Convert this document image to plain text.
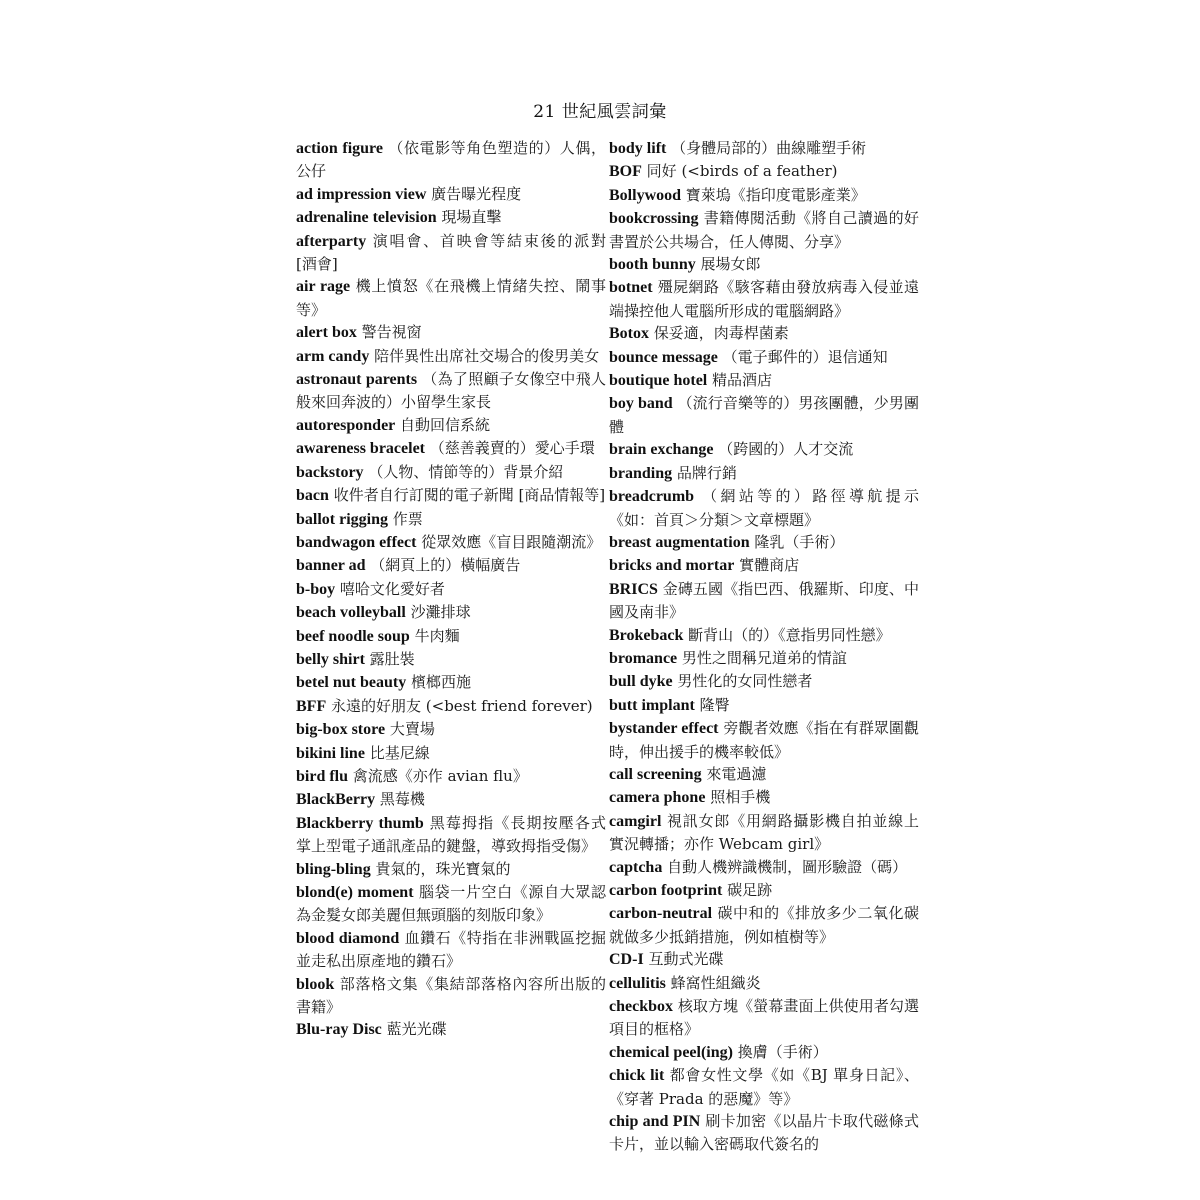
21 世紀風雲詞彙

action figure （依電影等角色塑造的）人偶，公仔

ad impression view 廣告曝光程度

adrenaline television 現場直擊

afterparty 演唱會、首映會等結束後的派對 [酒會]

air rage 機上憤怒《在飛機上情緒失控、鬧事等》

alert box 警告視窗

arm candy 陪伴異性出席社交場合的俊男美女

astronaut parents （為了照顧子女像空中飛人般來回奔波的）小留學生家長

autoresponder 自動回信系統

awareness bracelet （慈善義賣的）愛心手環

backstory （人物、情節等的）背景介紹

bacn 收件者自行訂閱的電子新聞 [商品情報等]

ballot rigging 作票

bandwagon effect 從眾效應《盲目跟隨潮流》

banner ad （網頁上的）橫幅廣告

b-boy 嘻哈文化愛好者

beach volleyball 沙灘排球

beef noodle soup 牛肉麵

belly shirt 露肚裝

betel nut beauty 檳榔西施

BFF 永遠的好朋友 (<best friend forever)

big-box store 大賣場

bikini line 比基尼線

bird flu 禽流感《亦作 avian flu》

BlackBerry 黑莓機

Blackberry thumb 黑莓拇指《長期按壓各式掌上型電子通訊產品的鍵盤，導致拇指受傷》

bling-bling 貴氣的，珠光寶氣的

blond(e) moment 腦袋一片空白《源自大眾認為金髮女郎美麗但無頭腦的刻版印象》

blood diamond 血鑽石《特指在非洲戰區挖掘並走私出原產地的鑽石》

blook 部落格文集《集結部落格內容所出版的書籍》

Blu-ray Disc 藍光光碟

body lift （身體局部的）曲線雕塑手術

BOF 同好 (<birds of a feather)

Bollywood 寶萊塢《指印度電影產業》

bookcrossing 書籍傳閱活動《將自己讀過的好書置於公共場合，任人傳閱、分享》

booth bunny 展場女郎

botnet 殭屍網路《駭客藉由發放病毒入侵並遠端操控他人電腦所形成的電腦網路》

Botox 保妥適，肉毒桿菌素

bounce message （電子郵件的）退信通知

boutique hotel 精品酒店

boy band （流行音樂等的）男孩團體，少男團體

brain exchange （跨國的）人才交流

branding 品牌行銷

breadcrumb （網站等的）路徑導航提示《如：首頁＞分類＞文章標題》

breast augmentation 隆乳（手術）

bricks and mortar 實體商店

BRICS 金磚五國《指巴西、俄羅斯、印度、中國及南非》

Brokeback 斷背山（的）《意指男同性戀》

bromance 男性之間稱兄道弟的情誼

bull dyke 男性化的女同性戀者

butt implant 隆臀

bystander effect 旁觀者效應《指在有群眾圍觀時，伸出援手的機率較低》

call screening 來電過濾

camera phone 照相手機

camgirl 視訊女郎《用網路攝影機自拍並線上實況轉播；亦作 Webcam girl》

captcha 自動人機辨識機制，圖形驗證（碼）

carbon footprint 碳足跡

carbon-neutral 碳中和的《排放多少二氧化碳就做多少抵銷措施，例如植樹等》

CD-I 互動式光碟

cellulitis 蜂窩性組織炎

checkbox 核取方塊《螢幕畫面上供使用者勾選項目的框格》

chemical peel(ing) 換膚（手術）

chick lit 都會女性文學《如《BJ 單身日記》、《穿著 Prada 的惡魔》等》

chip and PIN 刷卡加密《以晶片卡取代磁條式卡片，並以輸入密碼取代簽名的
